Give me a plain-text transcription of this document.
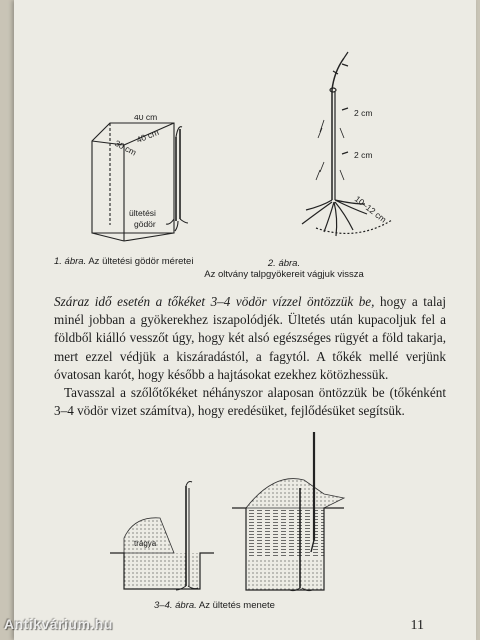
40 cm
30 cm
40 cm
ültetési
gödör
1. ábra. Az ültetési gödör méretei
2 cm
2 cm
10–12 cm
2. ábra.
Az oltvány talpgyökereit vágjuk vissza

Száraz idő esetén a tőkéket 3–4 vödör vízzel öntözzük be, hogy a talaj minél jobban a gyökerekhez iszapolódjék. Ültetés után kupacoljuk fel a földből kiálló vesszőt úgy, hogy két alsó egészséges rügyét a föld takarja, mert ezzel védjük a kiszáradástól, a fagytól. A tőkék mellé verjünk óvatosan karót, hogy később a hajtásokat ezekhez kötözhessük.

Tavasszal a szőlőtőkéket néhányszor alaposan öntözzük be (tőkénként 3–4 vödör vizet számítva), hogy eredésüket, fejlődésüket segítsük.

trágya
3–4. ábra. Az ültetés menete
11
Antikvárium.hu
